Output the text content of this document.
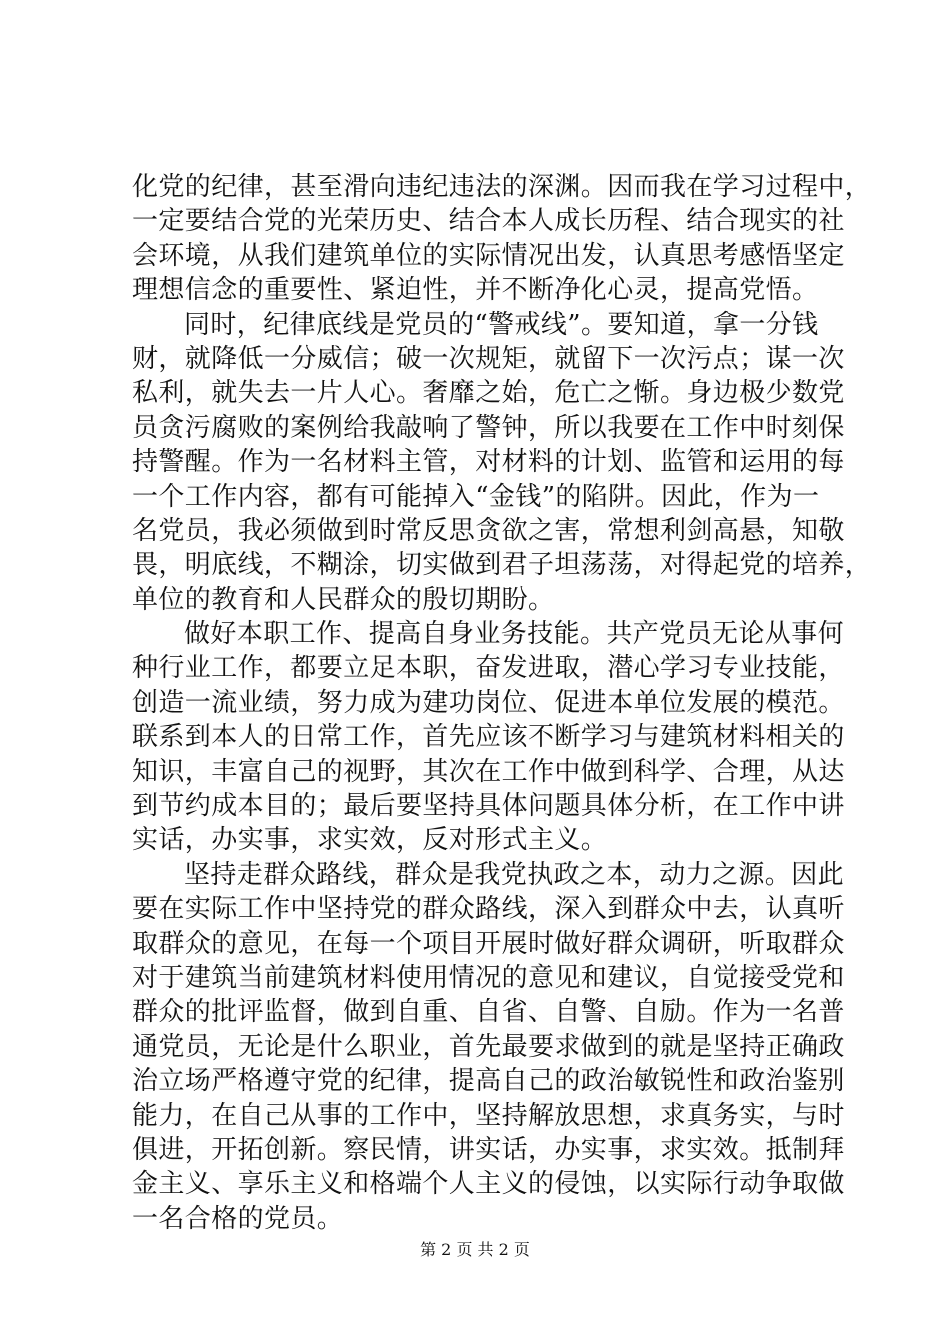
化党的纪律，甚至滑向违纪违法的深渊。因而我在学习过程中，
一定要结合党的光荣历史、结合本人成长历程、结合现实的社
会环境，从我们建筑单位的实际情况出发，认真思考感悟坚定
理想信念的重要性、紧迫性，并不断净化心灵，提高党悟。
同时，纪律底线是党员的“警戒线”。要知道，拿一分钱
财，就降低一分威信；破一次规矩，就留下一次污点；谋一次
私利，就失去一片人心。奢靡之始，危亡之惭。身边极少数党
员贪污腐败的案例给我敲响了警钟，所以我要在工作中时刻保
持警醒。作为一名材料主管，对材料的计划、监管和运用的每
一个工作内容，都有可能掉入“金钱”的陷阱。因此，作为一
名党员，我必须做到时常反思贪欲之害，常想利剑高悬，知敬
畏，明底线，不糊涂，切实做到君子坦荡荡，对得起党的培养，
单位的教育和人民群众的殷切期盼。
做好本职工作、提高自身业务技能。共产党员无论从事何
种行业工作，都要立足本职，奋发进取，潜心学习专业技能，
创造一流业绩，努力成为建功岗位、促进本单位发展的模范。
联系到本人的日常工作，首先应该不断学习与建筑材料相关的
知识，丰富自己的视野，其次在工作中做到科学、合理，从达
到节约成本目的；最后要坚持具体问题具体分析，在工作中讲
实话，办实事，求实效，反对形式主义。
坚持走群众路线，群众是我党执政之本，动力之源。因此
要在实际工作中坚持党的群众路线，深入到群众中去，认真听
取群众的意见，在每一个项目开展时做好群众调研，听取群众
对于建筑当前建筑材料使用情况的意见和建议，自觉接受党和
群众的批评监督，做到自重、自省、自警、自励。作为一名普
通党员，无论是什么职业，首先最要求做到的就是坚持正确政
治立场严格遵守党的纪律，提高自己的政治敏锐性和政治鉴别
能力，在自己从事的工作中，坚持解放思想，求真务实，与时
俱进，开拓创新。察民情，讲实话，办实事，求实效。抵制拜
金主义、享乐主义和格端个人主义的侵蚀，以实际行动争取做
一名合格的党员。
第 2 页 共 2 页
